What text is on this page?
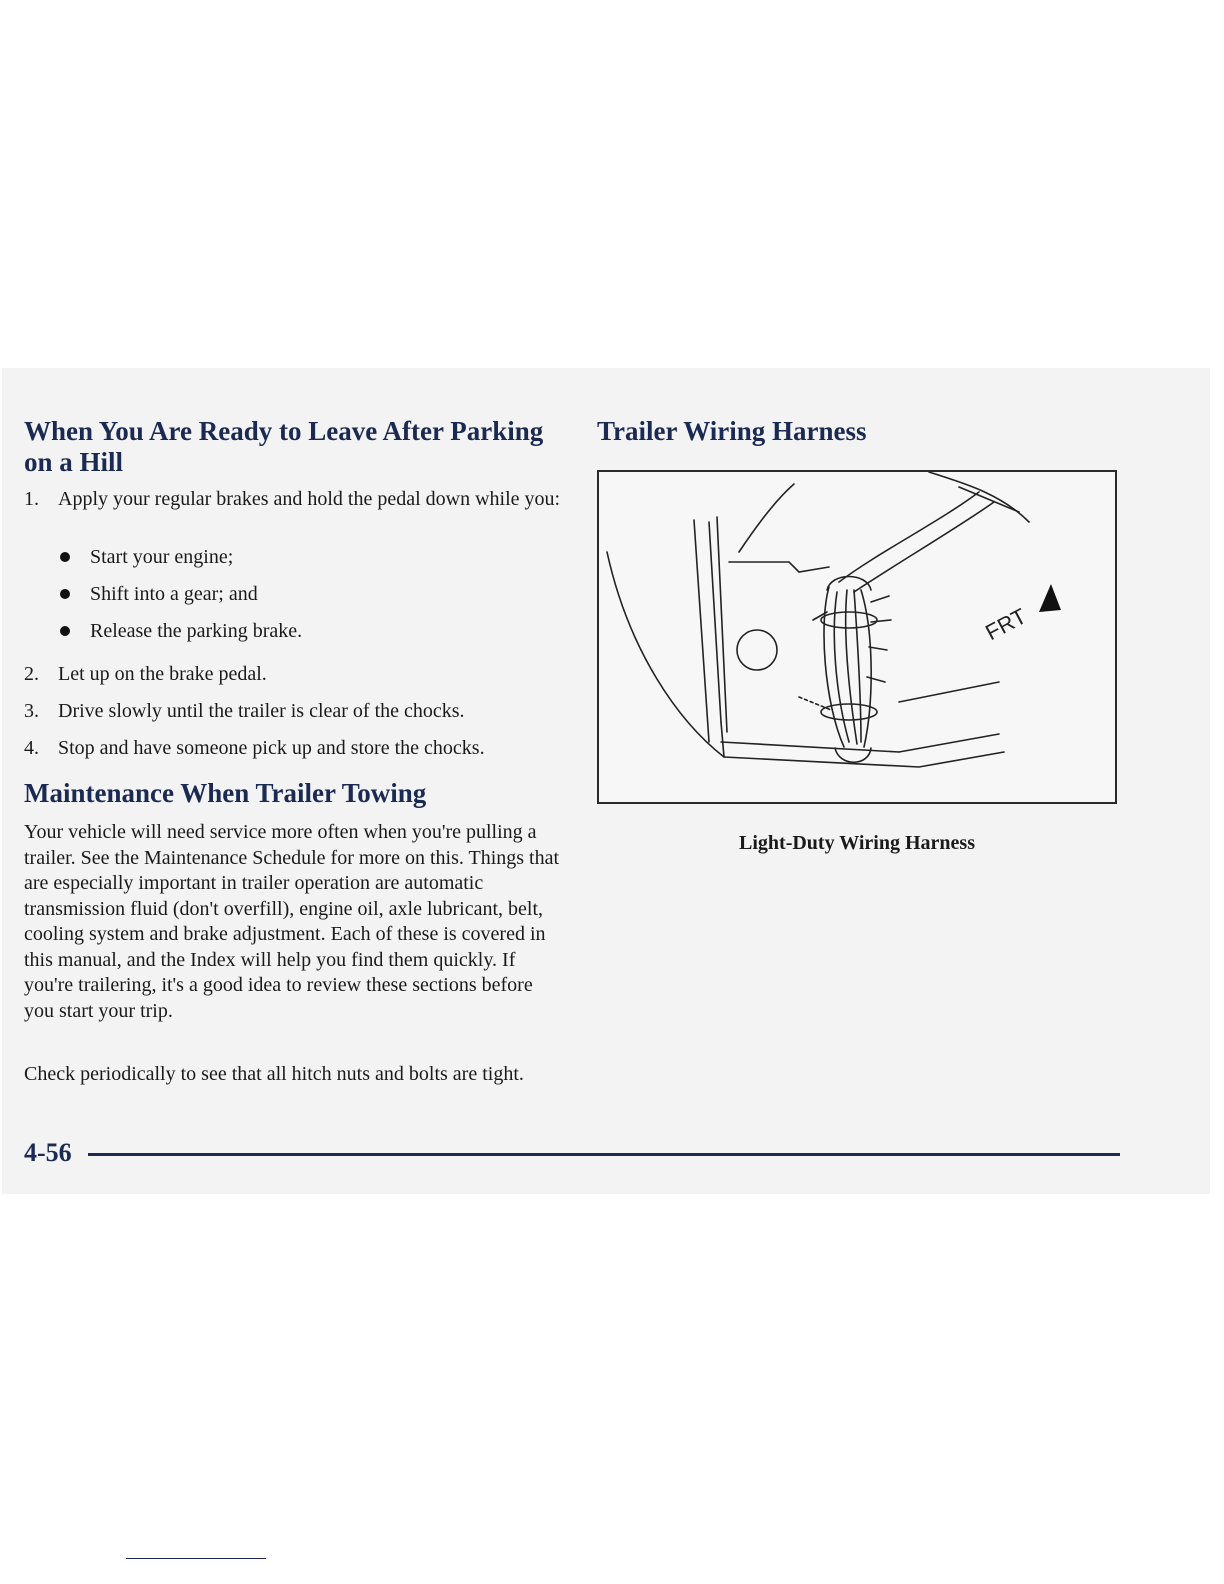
When You Are Ready to Leave After Parking on a Hill
1. Apply your regular brakes and hold the pedal down while you:
Start your engine;
Shift into a gear; and
Release the parking brake.
2. Let up on the brake pedal.
3. Drive slowly until the trailer is clear of the chocks.
4. Stop and have someone pick up and store the chocks.
Maintenance When Trailer Towing

Your vehicle will need service more often when you're pulling a trailer. See the Maintenance Schedule for more on this. Things that are especially important in trailer operation are automatic transmission fluid (don't overfill), engine oil, axle lubricant, belt, cooling system and brake adjustment. Each of these is covered in this manual, and the Index will help you find them quickly. If you're trailering, it's a good idea to review these sections before you start your trip.

Check periodically to see that all hitch nuts and bolts are tight.

Trailer Wiring Harness
FRT

Light-Duty Wiring Harness

4-56
